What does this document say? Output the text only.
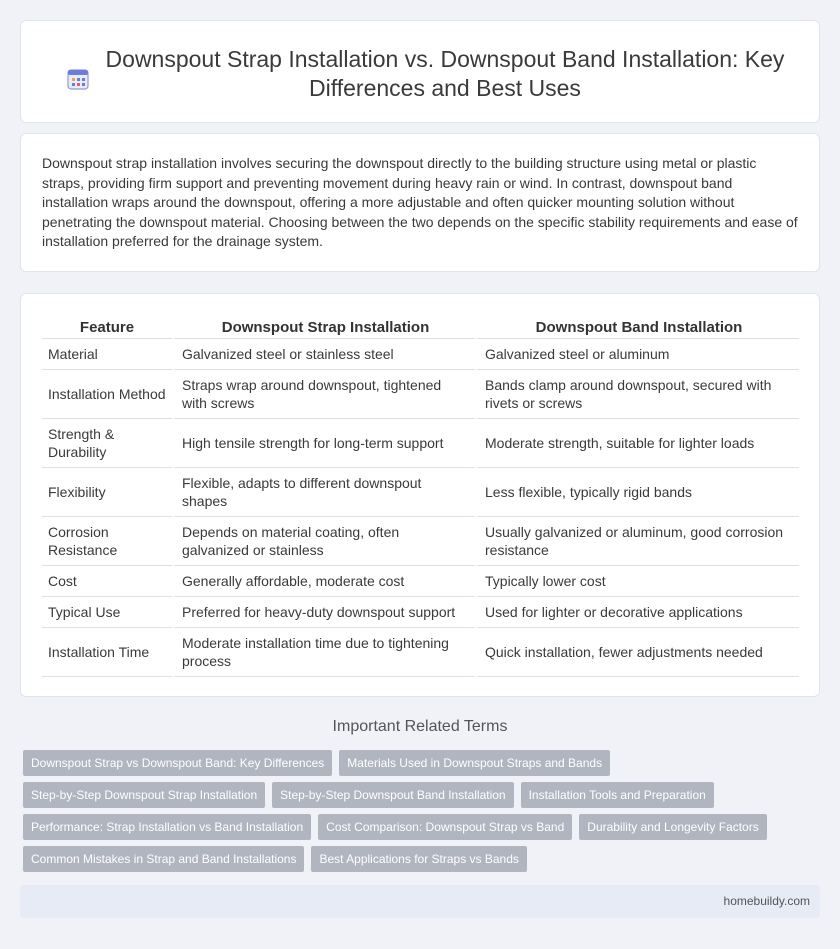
Downspout Strap Installation vs. Downspout Band Installation: Key Differences and Best Uses

Downspout strap installation involves securing the downspout directly to the building structure using metal or plastic straps, providing firm support and preventing movement during heavy rain or wind. In contrast, downspout band installation wraps around the downspout, offering a more adjustable and often quicker mounting solution without penetrating the downspout material. Choosing between the two depends on the specific stability requirements and ease of installation preferred for the drainage system.

Feature	Downspout Strap Installation	Downspout Band Installation
Material	Galvanized steel or stainless steel	Galvanized steel or aluminum
Installation Method	Straps wrap around downspout, tightened with screws	Bands clamp around downspout, secured with rivets or screws
Strength & Durability	High tensile strength for long-term support	Moderate strength, suitable for lighter loads
Flexibility	Flexible, adapts to different downspout shapes	Less flexible, typically rigid bands
Corrosion Resistance	Depends on material coating, often galvanized or stainless	Usually galvanized or aluminum, good corrosion resistance
Cost	Generally affordable, moderate cost	Typically lower cost
Typical Use	Preferred for heavy-duty downspout support	Used for lighter or decorative applications
Installation Time	Moderate installation time due to tightening process	Quick installation, fewer adjustments needed
Important Related Terms
Downspout Strap vs Downspout Band: Key Differences	Materials Used in Downspout Straps and Bands
Step-by-Step Downspout Strap Installation	Step-by-Step Downspout Band Installation	Installation Tools and Preparation
Performance: Strap Installation vs Band Installation	Cost Comparison: Downspout Strap vs Band	Durability and Longevity Factors
Common Mistakes in Strap and Band Installations	Best Applications for Straps vs Bands
homebuildy.com
